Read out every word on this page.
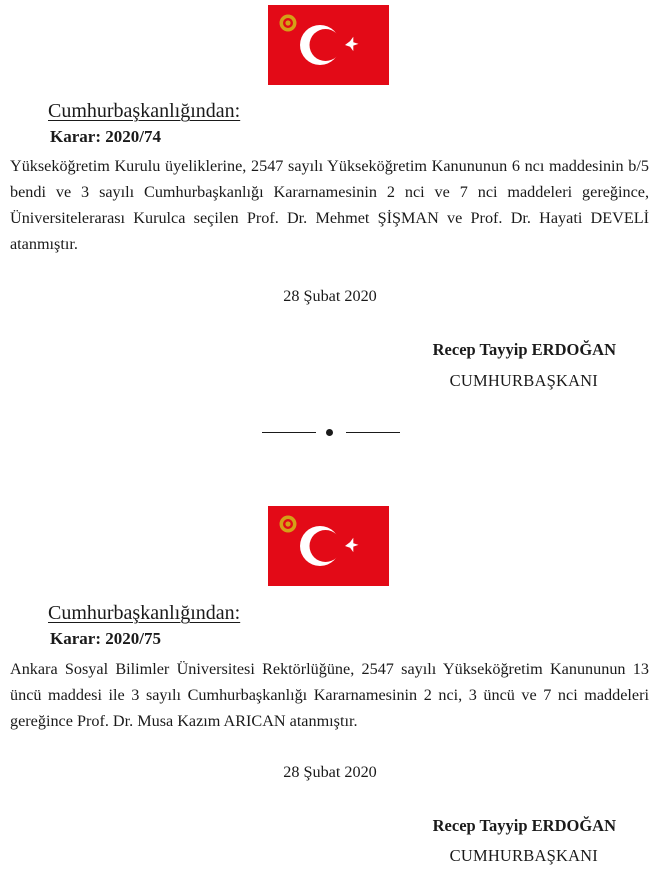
Cumhurbaşkanlığından:
Karar: 2020/74

Yükseköğretim Kurulu üyeliklerine, 2547 sayılı Yükseköğretim Kanununun 6 ncı maddesinin b/5 bendi ve 3 sayılı Cumhurbaşkanlığı Kararnamesinin 2 nci ve 7 nci maddeleri gereğince, Üniversitelerarası Kurulca seçilen Prof. Dr. Mehmet ŞİŞMAN ve Prof. Dr. Hayati DEVELİ atanmıştır.

28 Şubat 2020
Recep Tayyip ERDOĞAN
CUMHURBAŞKANI
Cumhurbaşkanlığından:
Karar: 2020/75

Ankara Sosyal Bilimler Üniversitesi Rektörlüğüne, 2547 sayılı Yükseköğretim Kanununun 13 üncü maddesi ile 3 sayılı Cumhurbaşkanlığı Kararnamesinin 2 nci, 3 üncü ve 7 nci maddeleri gereğince Prof. Dr. Musa Kazım ARICAN atanmıştır.

28 Şubat 2020
Recep Tayyip ERDOĞAN
CUMHURBAŞKANI
